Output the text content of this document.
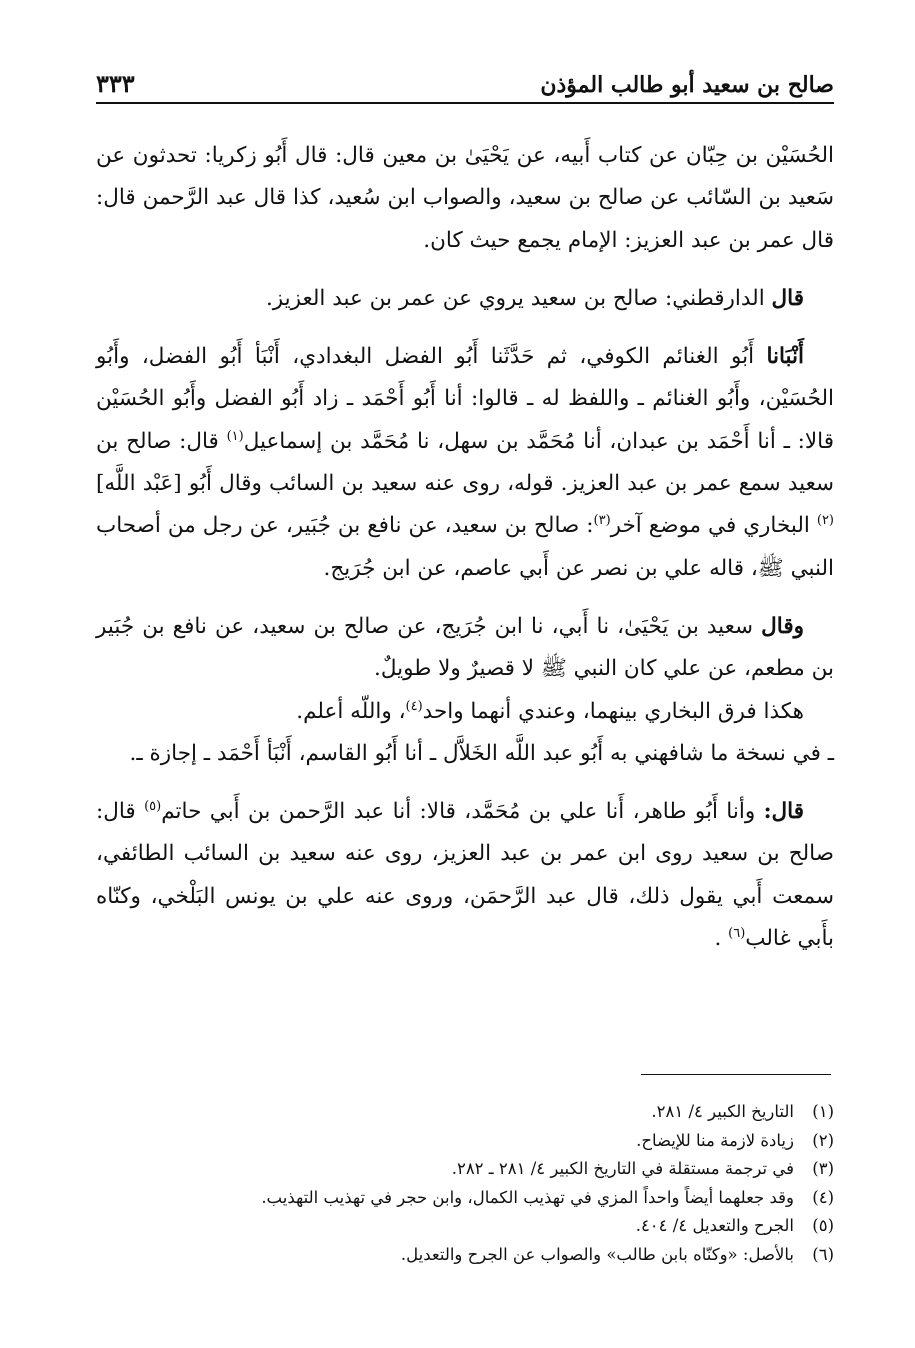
صالح بن سعيد أبو طالب المؤذن
٣٣٣

الحُسَيْن بن حِبّان عن كتاب أَبيه، عن يَحْيَىٰ بن معين قال: قال أَبُو زكريا: تحدثون عن سَعيد بن السّائب عن صالح بن سعيد، والصواب ابن سُعيد، كذا قال عبد الرَّحمن قال: قال عمر بن عبد العزيز: الإمام يجمع حيث كان.

قال الدارقطني: صالح بن سعيد يروي عن عمر بن عبد العزيز.

أَنْبَانا أَبُو الغنائم الكوفي، ثم حَدَّثَنا أَبُو الفضل البغدادي، أَنْبَأ أَبُو الفضل، وأَبُو الحُسَيْن، وأَبُو الغنائم ـ واللفظ له ـ قالوا: أنا أَبُو أَحْمَد ـ زاد أَبُو الفضل وأَبُو الحُسَيْن قالا: ـ أنا أَحْمَد بن عبدان، أنا مُحَمَّد بن سهل، نا مُحَمَّد بن إسماعيل$^{(١)}$ قال: صالح بن سعيد سمع عمر بن عبد العزيز. قوله، روى عنه سعيد بن السائب وقال أَبُو [عَبْد اللَّه]$^{(٢)}$ البخاري في موضع آخر$^{(٣)}$: صالح بن سعيد، عن نافع بن جُبَير، عن رجل من أصحاب النبي ﷺ، قاله علي بن نصر عن أَبي عاصم، عن ابن جُرَيج.

وقال سعيد بن يَحْيَىٰ، نا أَبي، نا ابن جُرَيج، عن صالح بن سعيد، عن نافع بن جُبَير بن مطعم، عن علي كان النبي ﷺ لا قصيرٌ ولا طويلٌ.

هكذا فرق البخاري بينهما، وعندي أنهما واحد$^{(٤)}$، واللّه أعلم.

ـ في نسخة ما شافهني به أَبُو عبد اللَّه الخَلاَّل ـ أنا أَبُو القاسم، أَنْبَأ أَحْمَد ـ إجازة ـ.

قال: وأنا أَبُو طاهر، أَنا علي بن مُحَمَّد، قالا: أنا عبد الرَّحمن بن أَبي حاتم$^{(٥)}$ قال: صالح بن سعيد روى ابن عمر بن عبد العزيز، روى عنه سعيد بن السائب الطائفي، سمعت أَبي يقول ذلك، قال عبد الرَّحمَن، وروى عنه علي بن يونس البَلْخي، وكنّاه بأَبي غالب$^{(٦)}$ .

(١)
التاريخ الكبير ٤/ ٢٨١.
(٢)
زيادة لازمة منا للإيضاح.
(٣)
في ترجمة مستقلة في التاريخ الكبير ٤/ ٢٨١ ـ ٢٨٢.
(٤)
وقد جعلهما أيضاً واحداً المزي في تهذيب الكمال، وابن حجر في تهذيب التهذيب.
(٥)
الجرح والتعديل ٤/ ٤٠٤.
(٦)
بالأصل: «وكنّاه بابن طالب» والصواب عن الجرح والتعديل.
